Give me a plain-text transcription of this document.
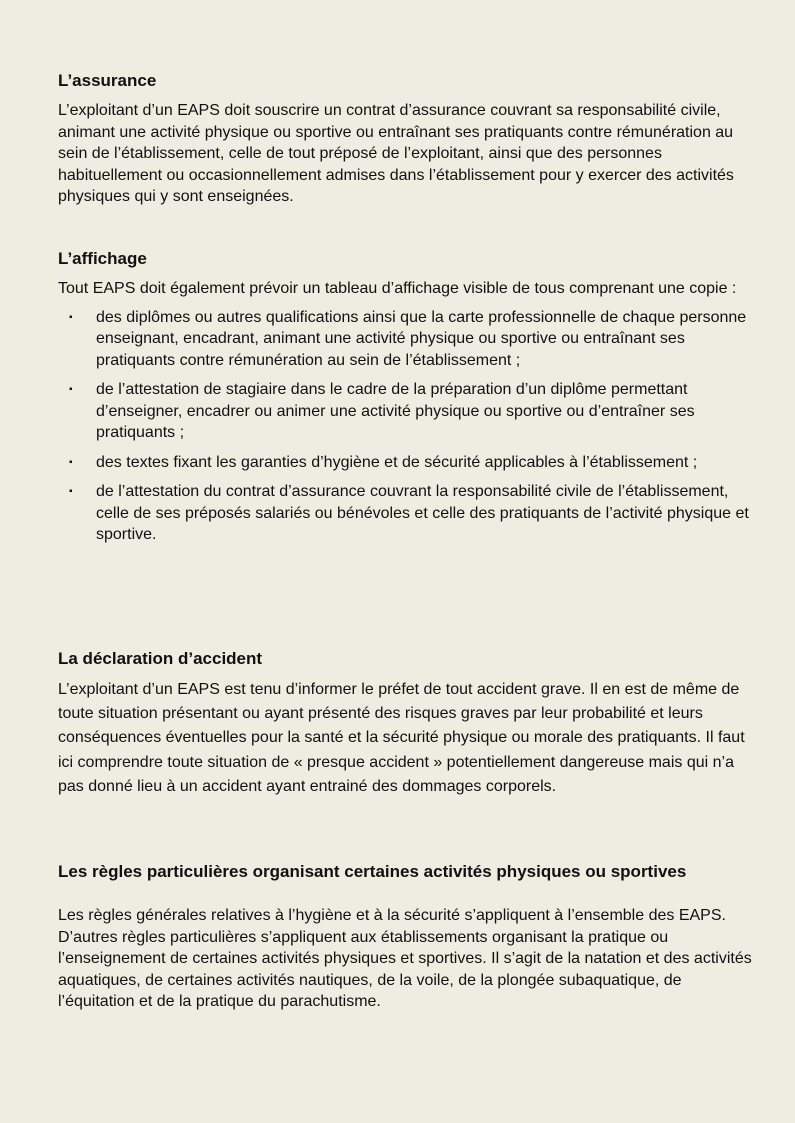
L’assurance

L’exploitant d’un EAPS doit souscrire un contrat d’assurance couvrant sa responsabilité civile, animant une activité physique ou sportive ou entraînant ses pratiquants contre rémunération au sein de l’établissement, celle de tout préposé de l’exploitant, ainsi que des personnes habituellement ou occasionnellement admises dans l’établissement pour y exercer des activités physiques qui y sont enseignées.

L’affichage

Tout EAPS doit également prévoir un tableau d’affichage visible de tous comprenant une copie :

▪ des diplômes ou autres qualifications ainsi que la carte professionnelle de chaque personne enseignant, encadrant, animant une activité physique ou sportive ou entraînant ses pratiquants contre rémunération au sein de l’établissement ;

▪ de l’attestation de stagiaire dans le cadre de la préparation d’un diplôme permettant d’enseigner, encadrer ou animer une activité physique ou sportive ou d’entraîner ses pratiquants ;

▪ des textes fixant les garanties d’hygiène et de sécurité applicables à l’établissement ;

▪ de l’attestation du contrat d’assurance couvrant la responsabilité civile de l’établissement, celle de ses préposés salariés ou bénévoles et celle des pratiquants de l’activité physique et sportive.

La déclaration d’accident

L’exploitant d’un EAPS est tenu d’informer le préfet de tout accident grave. Il en est de même de toute situation présentant ou ayant présenté des risques graves par leur probabilité et leurs conséquences éventuelles pour la santé et la sécurité physique ou morale des pratiquants. Il faut ici comprendre toute situation de « presque accident » potentiellement dangereuse mais qui n’a pas donné lieu à un accident ayant entrainé des dommages corporels.

Les règles particulières organisant certaines activités physiques ou sportives

Les règles générales relatives à l’hygiène et à la sécurité s’appliquent à l’ensemble des EAPS. D’autres règles particulières s’appliquent aux établissements organisant la pratique ou l’enseignement de certaines activités physiques et sportives. Il s’agit de la natation et des activités aquatiques, de certaines activités nautiques, de la voile, de la plongée subaquatique, de l’équitation et de la pratique du parachutisme.
